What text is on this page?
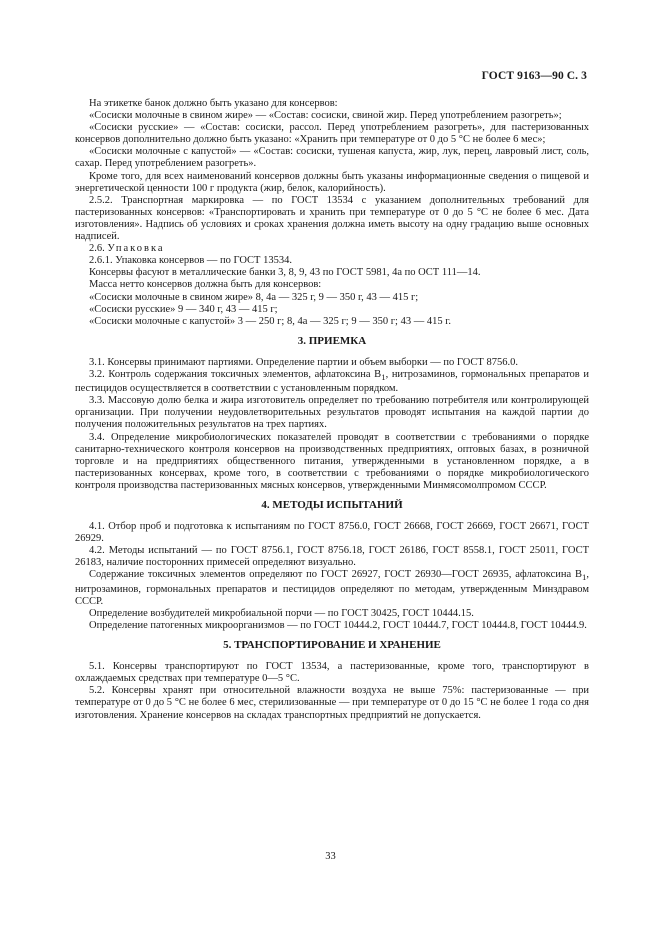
ГОСТ 9163—90 С. 3

На этикетке банок должно быть указано для консервов:

«Сосиски молочные в свином жире» — «Состав: сосиски, свиной жир. Перед употреблением разогреть»;

«Сосиски русские» — «Состав: сосиски, рассол. Перед употреблением разогреть», для пастеризованных консервов дополнительно должно быть указано: «Хранить при температуре от 0 до 5 °С не более 6 мес»;

«Сосиски молочные с капустой» — «Состав: сосиски, тушеная капуста, жир, лук, перец, лавровый лист, соль, сахар. Перед употреблением разогреть».

Кроме того, для всех наименований консервов должны быть указаны информационные сведения о пищевой и энергетической ценности 100 г продукта (жир, белок, калорийность).

2.5.2. Транспортная маркировка — по ГОСТ 13534 с указанием дополнительных требований для пастеризованных консервов: «Транспортировать и хранить при температуре от 0 до 5 °С не более 6 мес. Дата изготовления». Надпись об условиях и сроках хранения должна иметь высоту на одну градацию выше основных надписей.

2.6. Упаковка

2.6.1. Упаковка консервов — по ГОСТ 13534.

Консервы фасуют в металлические банки 3, 8, 9, 43 по ГОСТ 5981, 4а по ОСТ 111—14.

Масса нетто консервов должна быть для консервов:

«Сосиски молочные в свином жире» 8, 4а — 325 г, 9 — 350 г, 43 — 415 г;

«Сосиски русские» 9 — 340 г, 43 — 415 г;

«Сосиски молочные с капустой» 3 — 250 г; 8, 4а — 325 г; 9 — 350 г; 43 — 415 г.

3. ПРИЕМКА

3.1. Консервы принимают партиями. Определение партии и объем выборки — по ГОСТ 8756.0.

3.2. Контроль содержания токсичных элементов, афлатоксина $В_1$, нитрозаминов, гормональных препаратов и пестицидов осуществляется в соответствии с установленным порядком.

3.3. Массовую долю белка и жира изготовитель определяет по требованию потребителя или контролирующей организации. При получении неудовлетворительных результатов проводят испытания на каждой партии до получения положительных результатов на трех партиях.

3.4. Определение микробиологических показателей проводят в соответствии с требованиями о порядке санитарно-технического контроля консервов на производственных предприятиях, оптовых базах, в розничной торговле и на предприятиях общественного питания, утвержденными в установленном порядке, а в пастеризованных консервах, кроме того, в соответствии с требованиями о порядке микробиологического контроля производства пастеризованных мясных консервов, утвержденными Минмясомолпромом СССР.

4. МЕТОДЫ ИСПЫТАНИЙ

4.1. Отбор проб и подготовка к испытаниям по ГОСТ 8756.0, ГОСТ 26668, ГОСТ 26669, ГОСТ 26671, ГОСТ 26929.

4.2. Методы испытаний — по ГОСТ 8756.1, ГОСТ 8756.18, ГОСТ 26186, ГОСТ 8558.1, ГОСТ 25011, ГОСТ 26183, наличие посторонних примесей определяют визуально.

Содержание токсичных элементов определяют по ГОСТ 26927, ГОСТ 26930—ГОСТ 26935, афлатоксина $В_1$, нитрозаминов, гормональных препаратов и пестицидов определяют по методам, утвержденным Минздравом СССР.

Определение возбудителей микробиальной порчи — по ГОСТ 30425, ГОСТ 10444.15.

Определение патогенных микроорганизмов — по ГОСТ 10444.2, ГОСТ 10444.7, ГОСТ 10444.8, ГОСТ 10444.9.

5. ТРАНСПОРТИРОВАНИЕ И ХРАНЕНИЕ

5.1. Консервы транспортируют по ГОСТ 13534, а пастеризованные, кроме того, транспортируют в охлаждаемых средствах при температуре 0—5 °С.

5.2. Консервы хранят при относительной влажности воздуха не выше 75%: пастеризованные — при температуре от 0 до 5 °С не более 6 мес, стерилизованные — при температуре от 0 до 15 °С не более 1 года со дня изготовления. Хранение консервов на складах транспортных предприятий не допускается.

33
